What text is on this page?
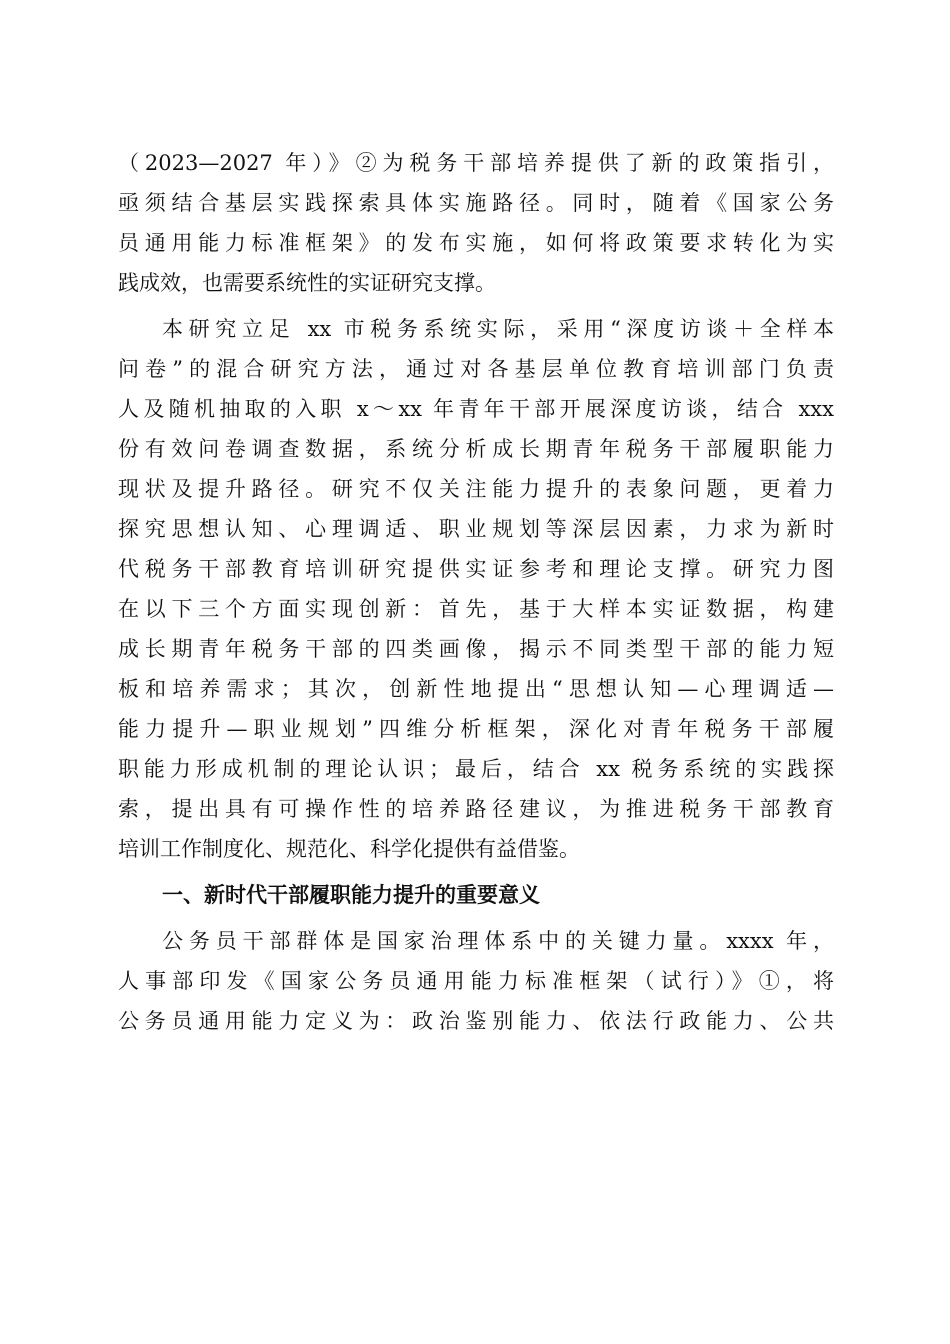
（2023—2027 年）》②为税务干部培养提供了新的政策指引，
亟须结合基层实践探索具体实施路径。同时，随着《国家公务
员通用能力标准框架》的发布实施，如何将政策要求转化为实
践成效，也需要系统性的实证研究支撑。
本研究立足 xx 市税务系统实际，采用“深度访谈＋全样本
问卷”的混合研究方法，通过对各基层单位教育培训部门负责
人及随机抽取的入职 x～xx 年青年干部开展深度访谈，结合 xxx
份有效问卷调查数据，系统分析成长期青年税务干部履职能力
现状及提升路径。研究不仅关注能力提升的表象问题，更着力
探究思想认知、心理调适、职业规划等深层因素，力求为新时
代税务干部教育培训研究提供实证参考和理论支撑。研究力图
在以下三个方面实现创新：首先，基于大样本实证数据，构建
成长期青年税务干部的四类画像，揭示不同类型干部的能力短
板和培养需求；其次，创新性地提出“思想认知—心理调适—
能力提升—职业规划”四维分析框架，深化对青年税务干部履
职能力形成机制的理论认识；最后，结合 xx 税务系统的实践探
索，提出具有可操作性的培养路径建议，为推进税务干部教育
培训工作制度化、规范化、科学化提供有益借鉴。
一、新时代干部履职能力提升的重要意义
公务员干部群体是国家治理体系中的关键力量。xxxx 年，
人事部印发《国家公务员通用能力标准框架（试行）》①，将
公务员通用能力定义为：政治鉴别能力、依法行政能力、公共
